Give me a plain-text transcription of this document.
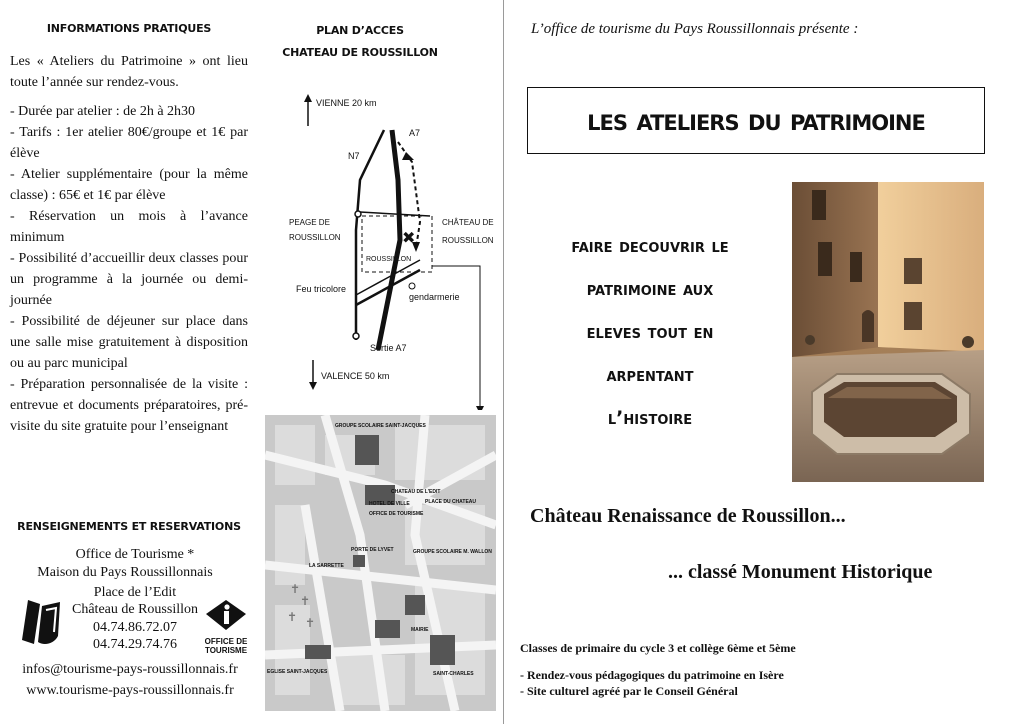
INFORMATIONS PRATIQUES
Les « Ateliers du Patrimoine » ont lieu toute l’année sur rendez-vous.
- Durée par atelier : de 2h à 2h30
- Tarifs : 1er atelier 80€/groupe et 1€ par élève
- Atelier supplémentaire (pour la même classe) : 65€ et 1€ par élève
- Réservation un mois à l’avance minimum
- Possibilité d’accueillir deux classes pour un programme à la journée ou demi-journée
- Possibilité de déjeuner sur place dans une salle mise gratuitement à disposition ou au parc municipal
- Préparation personnalisée de la visite : entrevue et documents préparatoires, pré-visite du site gratuite pour l’enseignant
RENSEIGNEMENTS ET RESERVATIONS
Office de Tourisme *
Maison du Pays Roussillonnais
Place de l’Edit
Château de Roussillon
04.74.86.72.07
04.74.29.74.76	OFFICE DE
TOURISME
infos@tourisme-pays-roussillonnais.fr
www.tourisme-pays-roussillonnais.fr
PLAN D’ACCES
CHATEAU DE ROUSSILLON
✖
VIENNE 20 km
A7
N7
PEAGE DE
ROUSSILLON
CHÂTEAU DE
ROUSSILLON
ROUSSILLON
Feu tricolore
gendarmerie
Sortie A7
VALENCE 50 km
✝
✝
✝ ✝
GROUPE SCOLAIRE SAINT-JACQUES
HOTEL DE VILLE
OFFICE DE TOURISME
PLACE DU CHATEAU
CHATEAU DE L'EDIT
PORTE DE LYVET	GROUPE SCOLAIRE M. WALLON
LA SARRETTE
EGLISE SAINT-JACQUES	SAINT-CHARLES
MAIRIE
L’office de tourisme du Pays Roussillonnais présente :
les ateliers du patrimoine
faire decouvrir le
patrimoine aux
eleves tout en
arpentant
l’histoire
Château Renaissance de Roussillon...
... classé Monument Historique
Classes de primaire du cycle 3 et collège 6ème et 5ème
- Rendez-vous pédagogiques du patrimoine en Isère
- Site culturel agréé par le Conseil Général
